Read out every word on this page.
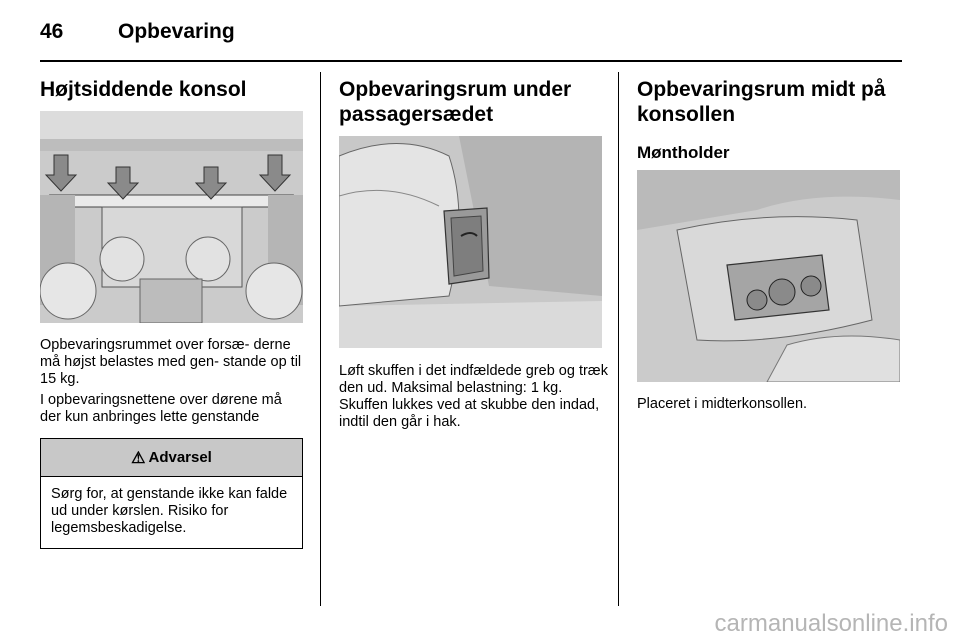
46	Opbevaring
Højtsiddende konsol

Opbevaringsrummet over forsæ- derne må højst belastes med gen- stande op til 15 kg.

I opbevaringsnettene over dørene må der kun anbringes lette genstande

⚠ Advarsel
Sørg for, at genstande ikke kan falde ud under kørslen. Risiko for legemsbeskadigelse.
Opbevaringsrum under passagersædet
Løft skuffen i det indfældede greb og træk den ud. Maksimal belastning: 1 kg. Skuffen lukkes ved at skubbe den indad, indtil den går i hak.
Opbevaringsrum midt på konsollen
Møntholder
Placeret i midterkonsollen.
carmanualsonline.info
